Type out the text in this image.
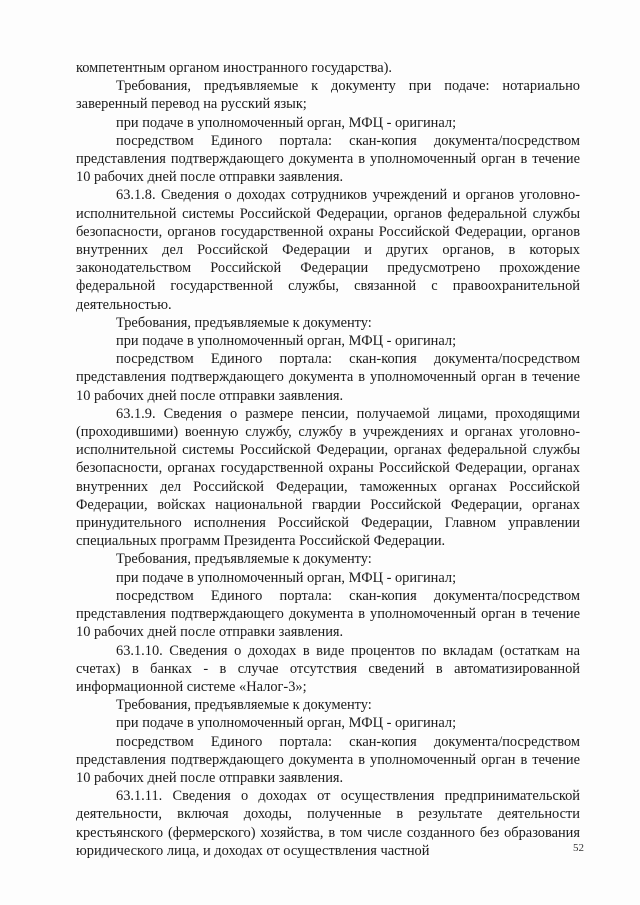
компетентным органом иностранного государства).

Требования, предъявляемые к документу при подаче: нотариально заверенный перевод на русский язык;

при подаче в уполномоченный орган, МФЦ - оригинал;

посредством Единого портала: скан-копия документа/посредством представления подтверждающего документа в уполномоченный орган в течение 10 рабочих дней после отправки заявления.

63.1.8. Сведения о доходах сотрудников учреждений и органов уголовно-исполнительной системы Российской Федерации, органов федеральной службы безопасности, органов государственной охраны Российской Федерации, органов внутренних дел Российской Федерации и других органов, в которых законодательством Российской Федерации предусмотрено прохождение федеральной государственной службы, связанной с правоохранительной деятельностью.

Требования, предъявляемые к документу:

при подаче в уполномоченный орган, МФЦ - оригинал;

посредством Единого портала: скан-копия документа/посредством представления подтверждающего документа в уполномоченный орган в течение 10 рабочих дней после отправки заявления.

63.1.9. Сведения о размере пенсии, получаемой лицами, проходящими (проходившими) военную службу, службу в учреждениях и органах уголовно-исполнительной системы Российской Федерации, органах федеральной службы безопасности, органах государственной охраны Российской Федерации, органах внутренних дел Российской Федерации, таможенных органах Российской Федерации, войсках национальной гвардии Российской Федерации, органах принудительного исполнения Российской Федерации, Главном управлении специальных программ Президента Российской Федерации.

Требования, предъявляемые к документу:

при подаче в уполномоченный орган, МФЦ - оригинал;

посредством Единого портала: скан-копия документа/посредством представления подтверждающего документа в уполномоченный орган в течение 10 рабочих дней после отправки заявления.

63.1.10. Сведения о доходах в виде процентов по вкладам (остаткам на счетах) в банках - в случае отсутствия сведений в автоматизированной информационной системе «Налог-3»;

Требования, предъявляемые к документу:

при подаче в уполномоченный орган, МФЦ - оригинал;

посредством Единого портала: скан-копия документа/посредством представления подтверждающего документа в уполномоченный орган в течение 10 рабочих дней после отправки заявления.

63.1.11. Сведения о доходах от осуществления предпринимательской деятельности, включая доходы, полученные в результате деятельности крестьянского (фермерского) хозяйства, в том числе созданного без образования юридического лица, и доходах от осуществления частной	52
